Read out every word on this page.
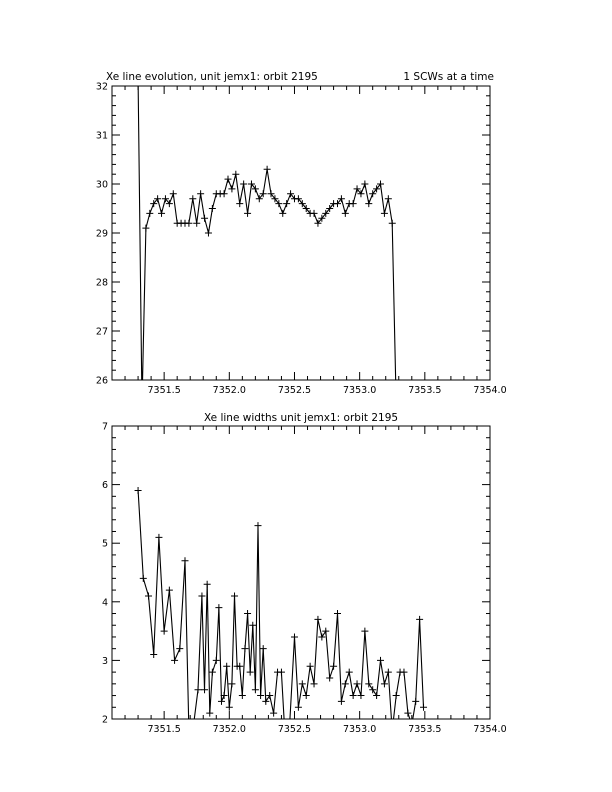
Xe line evolution, unit jemx1: orbit 2195	1 SCWs at a time
7351.5	7352.0	7352.5	7353.0	7353.5	7354.0
26
27
28
29
30
31
32
Xe line widths unit jemx1: orbit 2195
7351.5	7352.0	7352.5	7353.0	7353.5	7354.0
2
3
4
5
6
7
